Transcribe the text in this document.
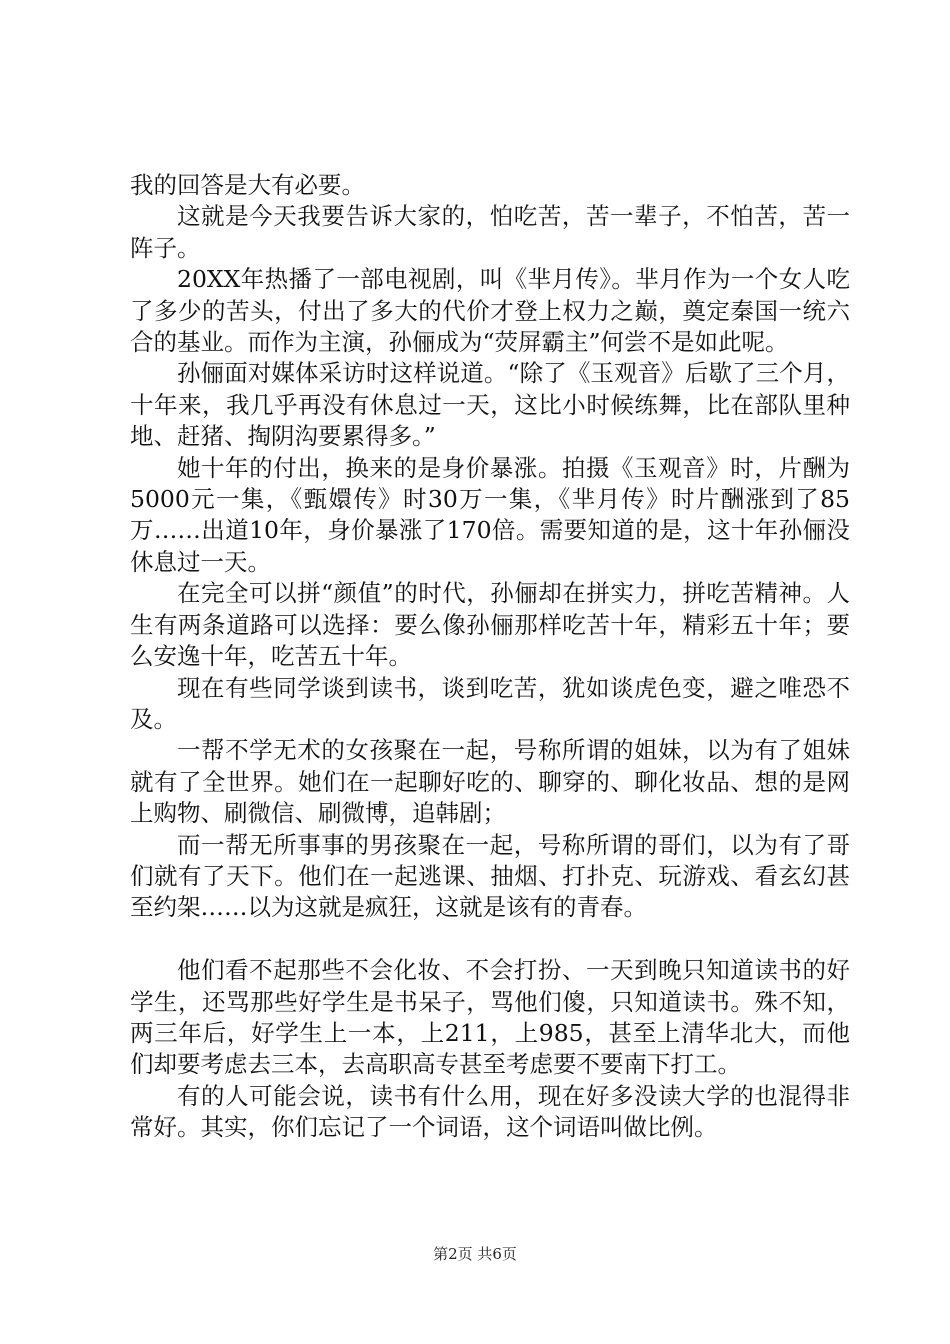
我的回答是大有必要。

这就是今天我要告诉大家的，怕吃苦，苦一辈子，不怕苦，苦一阵子。

20XX年热播了一部电视剧，叫《芈月传》。芈月作为一个女人吃了多少的苦头，付出了多大的代价才登上权力之巅，奠定秦国一统六合的基业。而作为主演，孙俪成为“荧屏霸主”何尝不是如此呢。

孙俪面对媒体采访时这样说道。“除了《玉观音》后歇了三个月，十年来，我几乎再没有休息过一天，这比小时候练舞，比在部队里种地、赶猪、掏阴沟要累得多。”

她十年的付出，换来的是身价暴涨。拍摄《玉观音》时，片酬为5000元一集，《甄嬛传》时30万一集，《芈月传》时片酬涨到了85万……出道10年，身价暴涨了170倍。需要知道的是，这十年孙俪没休息过一天。

在完全可以拼“颜值”的时代，孙俪却在拼实力，拼吃苦精神。人生有两条道路可以选择：要么像孙俪那样吃苦十年，精彩五十年；要么安逸十年，吃苦五十年。

现在有些同学谈到读书，谈到吃苦，犹如谈虎色变，避之唯恐不及。

一帮不学无术的女孩聚在一起，号称所谓的姐妹，以为有了姐妹就有了全世界。她们在一起聊好吃的、聊穿的、聊化妆品、想的是网上购物、刷微信、刷微博，追韩剧；

而一帮无所事事的男孩聚在一起，号称所谓的哥们，以为有了哥们就有了天下。他们在一起逃课、抽烟、打扑克、玩游戏、看玄幻甚至约架……以为这就是疯狂，这就是该有的青春。

他们看不起那些不会化妆、不会打扮、一天到晚只知道读书的好学生，还骂那些好学生是书呆子，骂他们傻，只知道读书。殊不知，两三年后，好学生上一本，上211，上985，甚至上清华北大，而他们却要考虑去三本，去高职高专甚至考虑要不要南下打工。

有的人可能会说，读书有什么用，现在好多没读大学的也混得非常好。其实，你们忘记了一个词语，这个词语叫做比例。

第2页 共6页
